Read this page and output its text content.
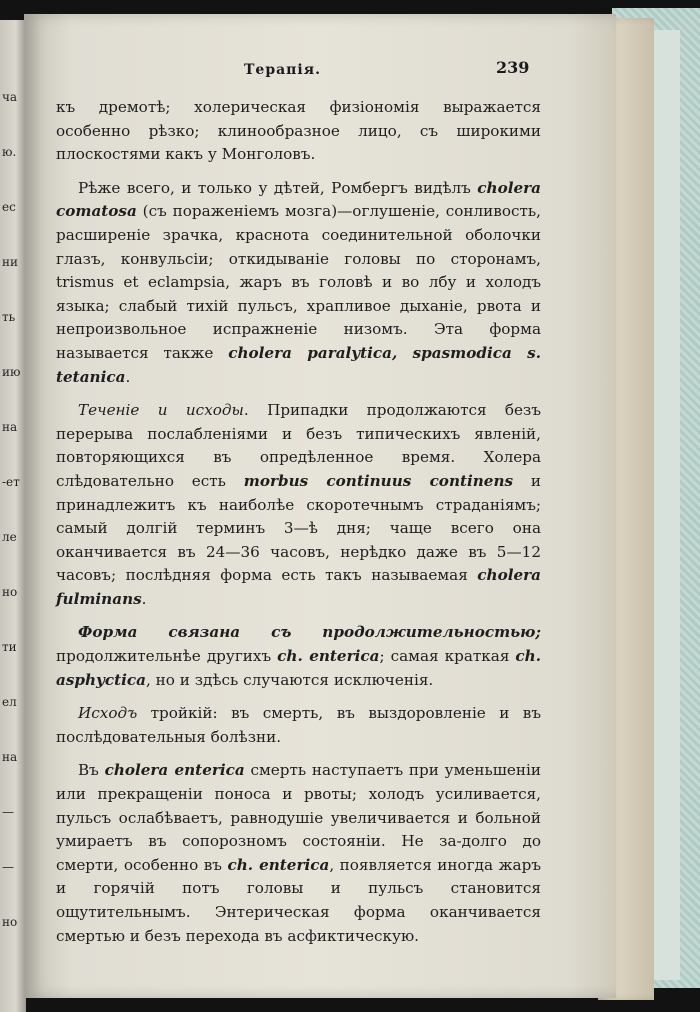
ча
ю.
ес
ни
ть
ию
на
-ет
ле
но
ти
ел
на
—
—
но
Терапія.	239

къ дремотѣ; холерическая физіономія выражается особенно рѣзко; клинообразное лицо, съ широкими плоскостями какъ у Монголовъ.

Рѣже всего, и только у дѣтей, Ромбергъ видѣлъ cholera comatosa (съ пораженіемъ мозга)—оглушеніе, сонливость, расширеніе зрачка, краснота соединительной оболочки глазъ, конвульсіи; откидываніе головы по сторонамъ, trismus et eclampsia, жаръ въ головѣ и во лбу и холодъ языка; слабый тихій пульсъ, храпливое дыханіе, рвота и непроизвольное испражненіе низомъ. Эта форма называется также cholera paralytica, spasmodica s. tetanica.

Теченіе и исходы. Припадки продолжаются безъ перерыва послабленіями и безъ типическихъ явленій, повторяющихся въ опредѣленное время. Холера слѣдовательно есть morbus continuus continens и принадлежитъ къ наиболѣе скоротечнымъ страданіямъ; самый долгій терминъ 3—ѣ дня; чаще всего она оканчивается въ 24—36 часовъ, нерѣдко даже въ 5—12 часовъ; послѣдняя форма есть такъ называемая cholera fulminans.

Форма связана съ продолжительностью; продолжительнѣе другихъ ch. enterica; самая краткая ch. asphyctica, но и здѣсь случаются исключенія.

Исходъ тройкій: въ смерть, въ выздоровленіе и въ послѣдовательныя болѣзни.

Въ cholera enterica смерть наступаетъ при уменьшеніи или прекращеніи поноса и рвоты; холодъ усиливается, пульсъ ослабѣваетъ, равнодушіе увеличивается и больной умираетъ въ сопорозномъ состояніи. Не за-долго до смерти, особенно въ ch. enterica, появляется иногда жаръ и горячій потъ головы и пульсъ становится ощутительнымъ. Энтерическая форма оканчивается смертью и безъ перехода въ асфиктическую.
